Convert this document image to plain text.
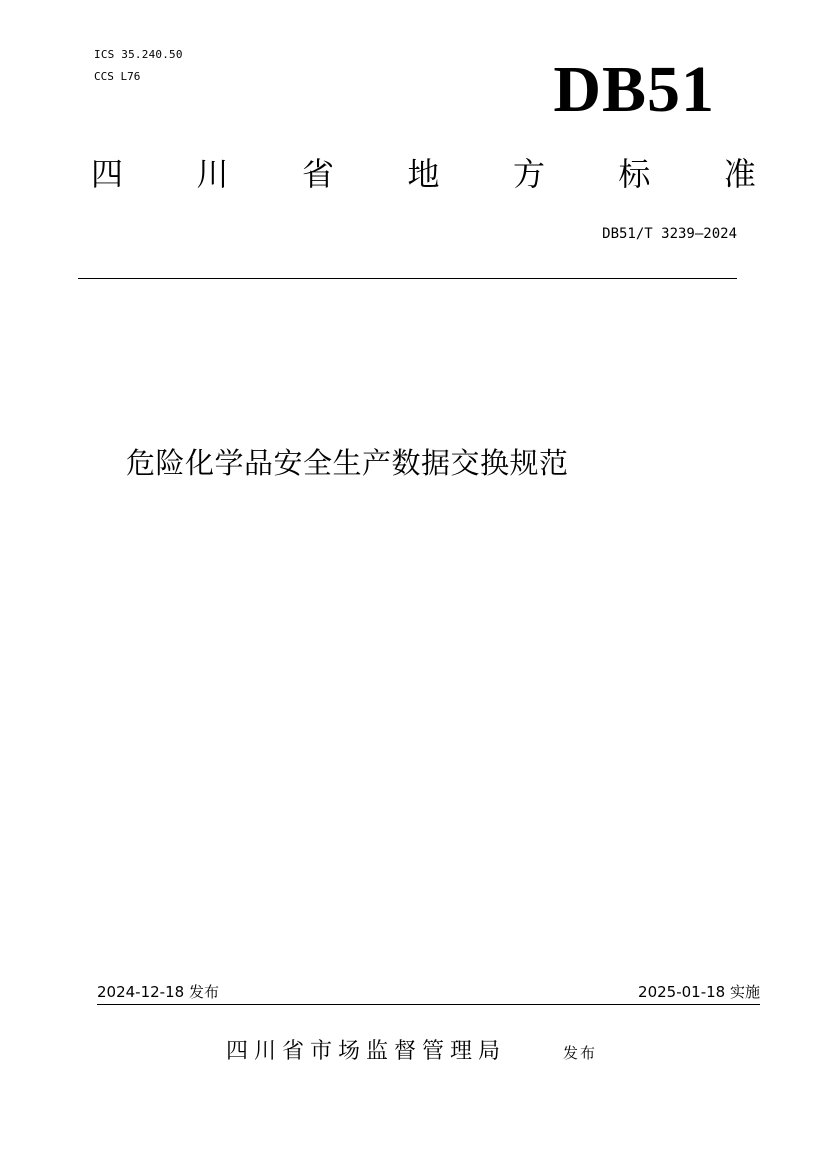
ICS 35.240.50
CCS L76	DB51
四 川 省 地 方 标 准
DB51/T 3239—2024
危险化学品安全生产数据交换规范
2024-12-18 发布	2025-01-18 实施
四川省市场监督管理局	发布
